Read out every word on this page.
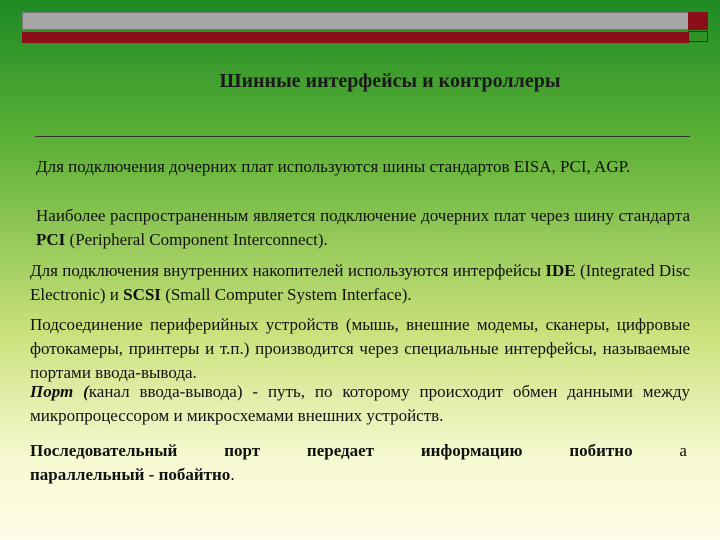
Шинные интерфейсы и контроллеры

Для подключения дочерних плат используются шины стандартов EISA, PCI, AGP.

Наиболее распространенным является подключение дочерних плат через шину стандарта PCI (Peripheral Component Interconnect).

Для подключения внутренних накопителей используются интерфейсы IDE (Integrated Disc Electronic) и SCSI (Small Computer System Interface).

Подсоединение периферийных устройств (мышь, внешние модемы, сканеры, цифровые фотокамеры, принтеры и т.п.) производится через специальные интерфейсы, называемые портами ввода-вывода.

Порт (канал ввода-вывода) - путь, по которому происходит обмен данными между микропроцессором и микросхемами внешних устройств.

Последовательный	порт	передает	информацию	побитно	а
параллельный - побайтно.
